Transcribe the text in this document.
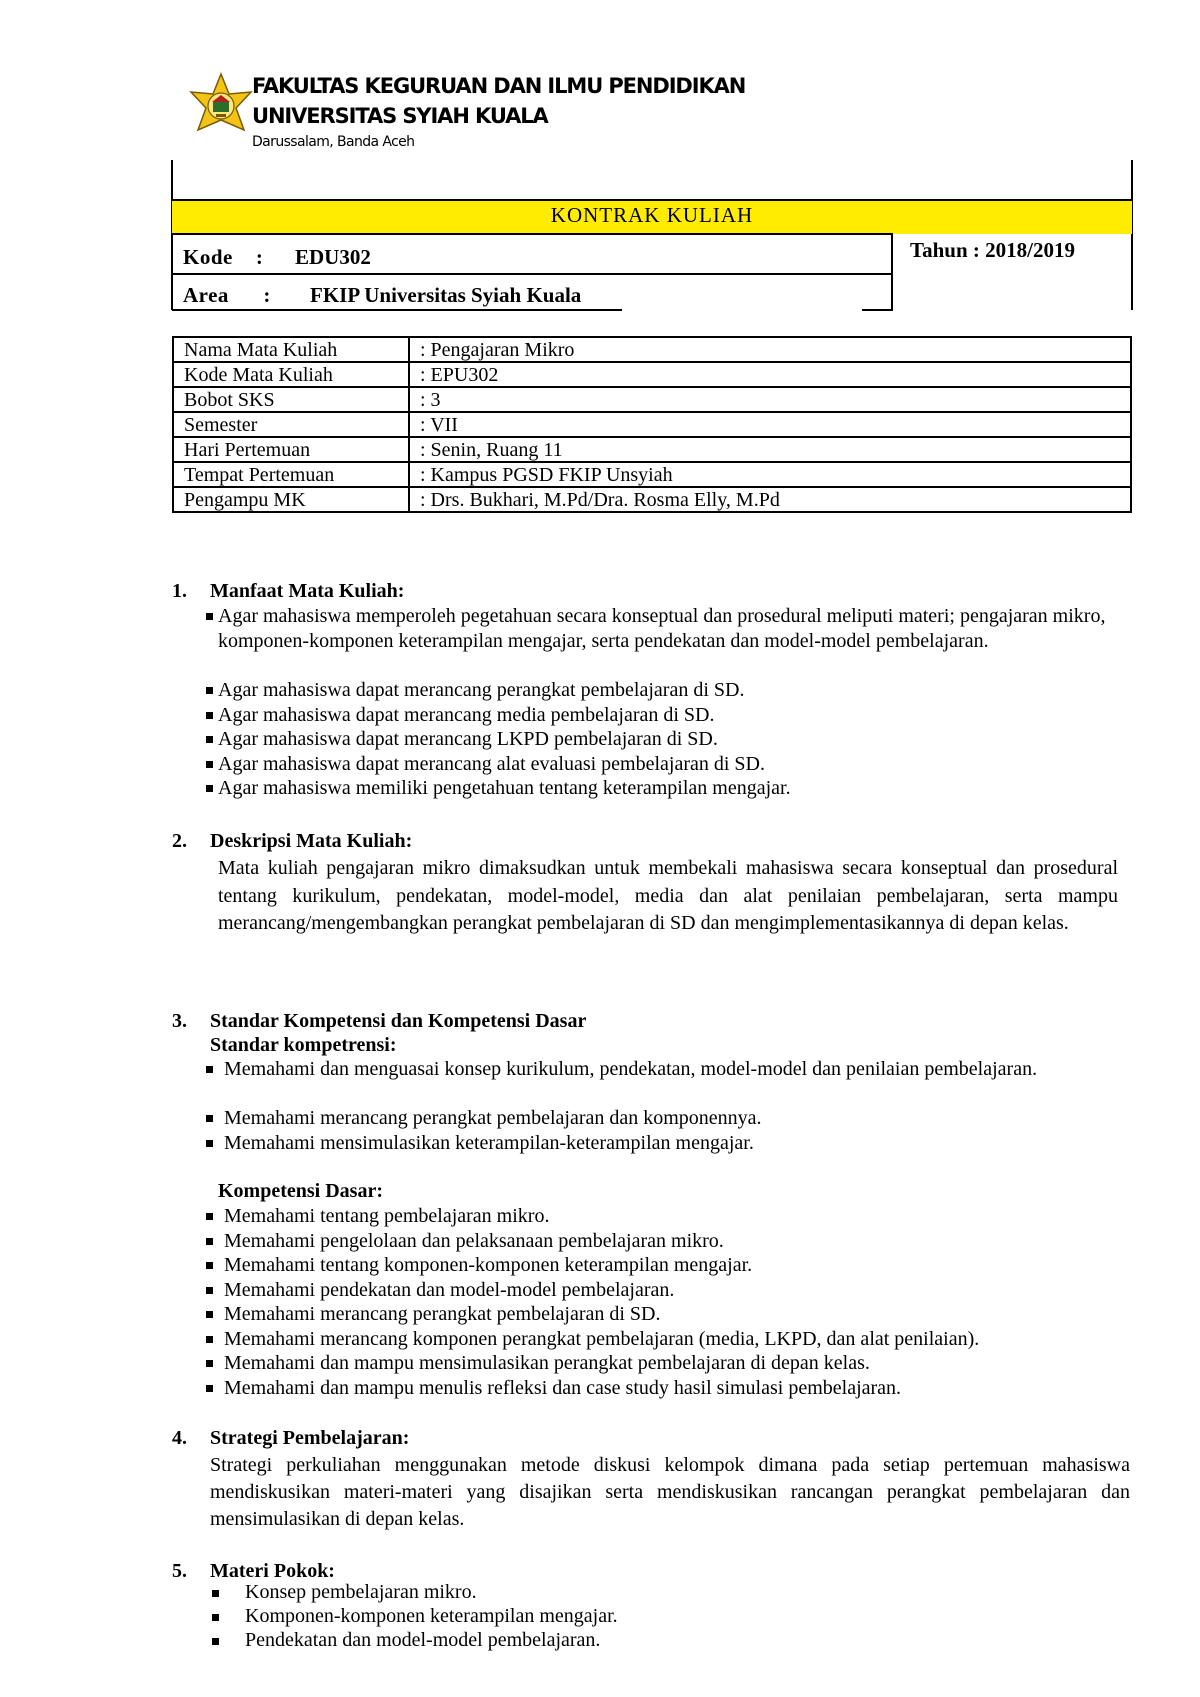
FAKULTAS KEGURUAN DAN ILMU PENDIDIKAN
UNIVERSITAS SYIAH KUALA
Darussalam, Banda Aceh
KONTRAK KULIAH
Kode    : EDU302
Area      : FKIP Universitas Syiah Kuala
Tahun : 2018/2019
Nama Mata Kuliah	: Pengajaran Mikro
Kode Mata Kuliah	: EPU302
Bobot SKS	: 3
Semester	: VII
Hari Pertemuan	: Senin, Ruang 11
Tempat Pertemuan	: Kampus PGSD FKIP Unsyiah
Pengampu MK	: Drs. Bukhari, M.Pd/Dra. Rosma Elly, M.Pd
1. Manfaat Mata Kuliah:
Agar mahasiswa memperoleh pegetahuan secara konseptual dan prosedural meliputi materi; pengajaran mikro, komponen-komponen keterampilan mengajar, serta pendekatan dan model-model pembelajaran.
Agar mahasiswa dapat merancang perangkat pembelajaran di SD.
Agar mahasiswa dapat merancang media pembelajaran di SD.
Agar mahasiswa dapat merancang LKPD pembelajaran di SD.
Agar mahasiswa dapat merancang alat evaluasi pembelajaran di SD.
Agar mahasiswa memiliki pengetahuan tentang keterampilan mengajar.
2. Deskripsi Mata Kuliah:
Mata kuliah pengajaran mikro dimaksudkan untuk membekali mahasiswa secara konseptual dan prosedural tentang kurikulum, pendekatan, model-model, media dan alat penilaian pembelajaran, serta mampu merancang/mengembangkan perangkat pembelajaran di SD dan mengimplementasikannya di depan kelas.
3. Standar Kompetensi dan Kompetensi Dasar
Standar kompetrensi:
Memahami dan menguasai konsep kurikulum, pendekatan, model-model dan penilaian pembelajaran.
Memahami merancang perangkat pembelajaran dan komponennya.
Memahami mensimulasikan keterampilan-keterampilan mengajar.
Kompetensi Dasar:
Memahami tentang pembelajaran mikro.
Memahami pengelolaan dan pelaksanaan pembelajaran mikro.
Memahami tentang komponen-komponen keterampilan mengajar.
Memahami pendekatan dan model-model pembelajaran.
Memahami merancang perangkat pembelajaran di SD.
Memahami merancang komponen perangkat pembelajaran (media, LKPD, dan alat penilaian).
Memahami dan mampu mensimulasikan perangkat pembelajaran di depan kelas.
Memahami dan mampu menulis refleksi dan case study hasil simulasi pembelajaran.
4. Strategi Pembelajaran:
Strategi perkuliahan menggunakan metode diskusi kelompok dimana pada setiap pertemuan mahasiswa mendiskusikan materi-materi yang disajikan serta mendiskusikan rancangan perangkat pembelajaran dan mensimulasikan di depan kelas.
5. Materi Pokok:
Konsep pembelajaran mikro.
Komponen-komponen keterampilan mengajar.
Pendekatan dan model-model pembelajaran.
